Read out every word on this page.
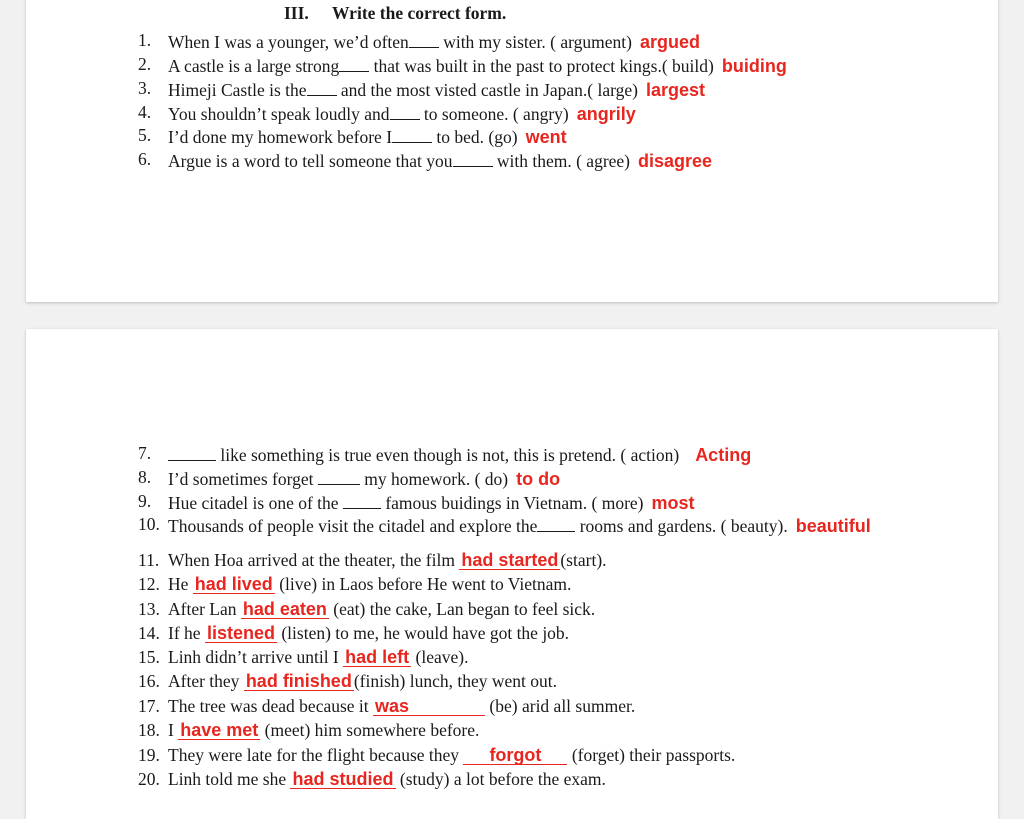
III. Write the correct form.
1. When I was a younger, we’d often with my sister. ( argument) argued
2. A castle is a large strong that was built in the past to protect kings.( build) buiding
3. Himeji Castle is the and the most visted castle in Japan.( large) largest
4. You shouldn’t speak loudly and to someone. ( angry) angrily
5. I’d done my homework before I	to bed. (go) went
6. Argue is a word to tell someone that you	with them. ( agree) disagree
7.	like something is true even though is not, this is pretend. ( action) Acting
8. I’d sometimes forget	my homework. ( do) to do
9. Hue citadel is one of the	famous buidings in Vietnam. ( more) most
10. Thousands of people visit the citadel and explore the rooms and gardens. ( beauty). beautiful
11. When Hoa arrived at the theater, the film had started (start).
12. He had lived (live) in Laos before He went to Vietnam.
13. After Lan had eaten (eat) the cake, Lan began to feel sick.
14. If he listened (listen) to me, he would have got the job.
15. Linh didn’t arrive until I had left (leave).
16. After they had finished (finish) lunch, they went out.
17. The tree was dead because it was	(be) arid all summer.
18. I have met (meet) him somewhere before.
19. They were late for the flight because they forgot (forget) their passports.
20. Linh told me she had studied (study) a lot before the exam.
